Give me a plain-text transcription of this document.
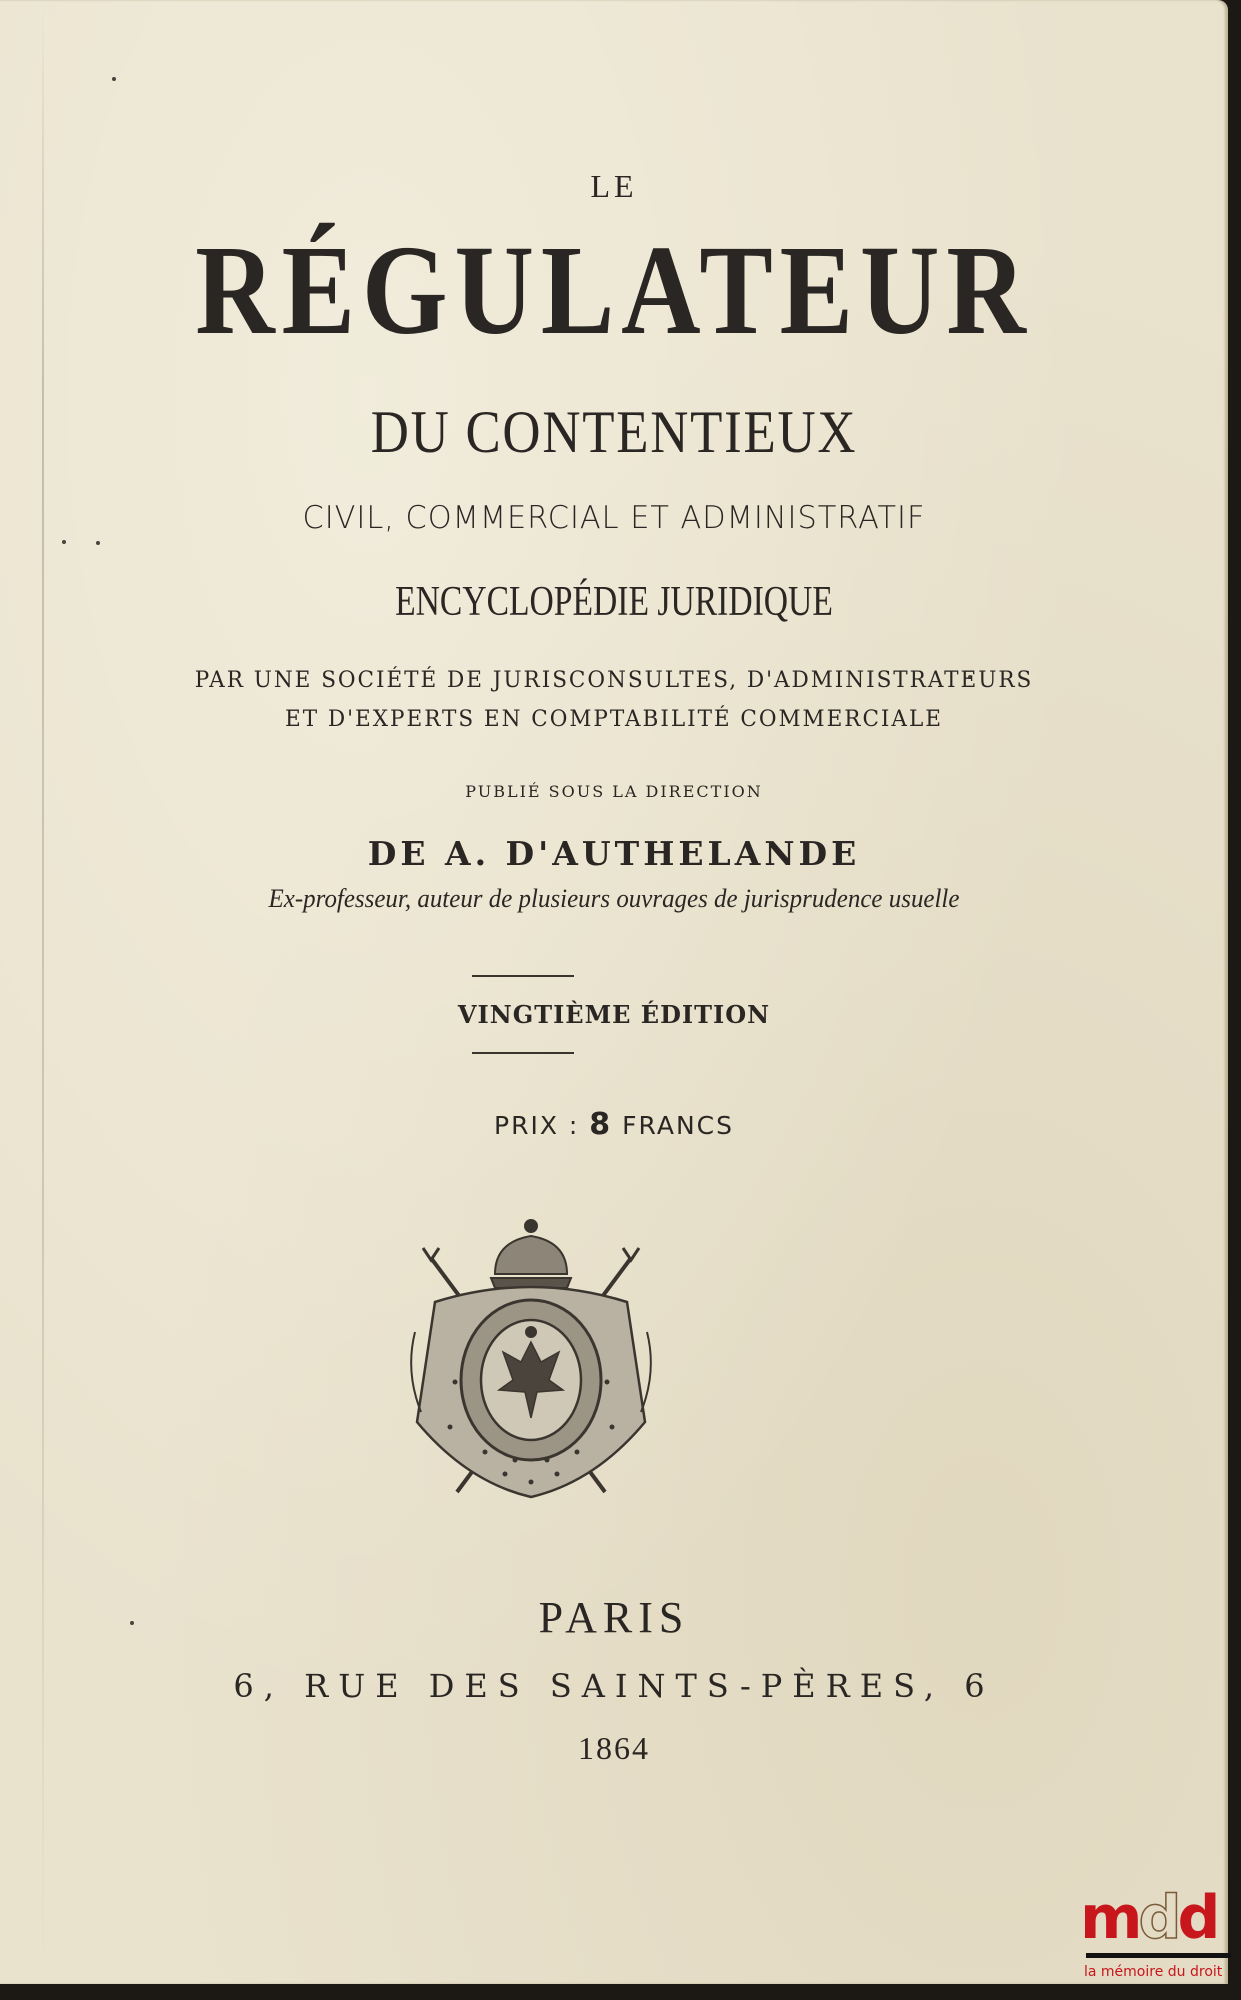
LE
RÉGULATEUR
DU CONTENTIEUX
CIVIL, COMMERCIAL ET ADMINISTRATIF
ENCYCLOPÉDIE JURIDIQUE
PAR UNE SOCIÉTÉ DE JURISCONSULTES, D'ADMINISTRATEURS
ET D'EXPERTS EN COMPTABILITÉ COMMERCIALE
PUBLIÉ SOUS LA DIRECTION
DE A. D'AUTHELANDE
Ex-professeur, auteur de plusieurs ouvrages de jurisprudence usuelle
VINGTIÈME ÉDITION
PRIX : 8 FRANCS
PARIS
6, RUE DES SAINTS-PÈRES, 6
1864
mdd
la mémoire du droit
